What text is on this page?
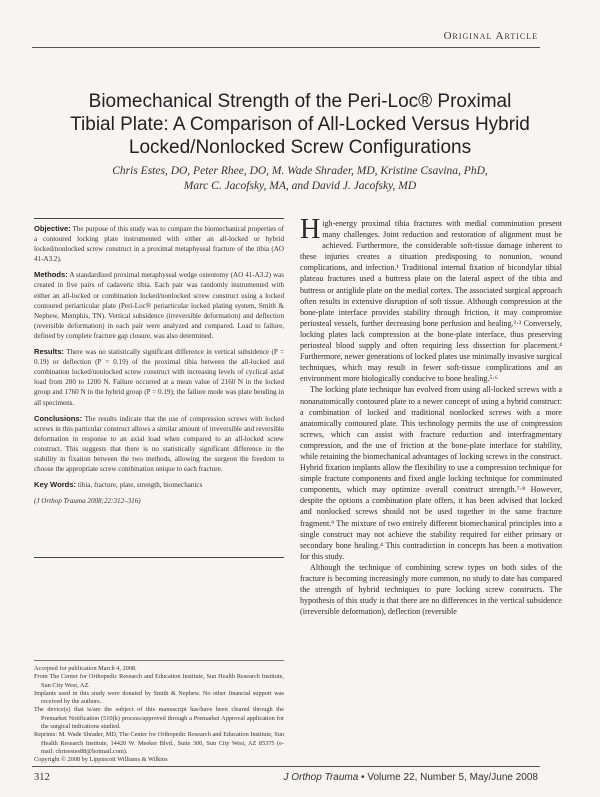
Original Article
Biomechanical Strength of the Peri-Loc® Proximal
Tibial Plate: A Comparison of All-Locked Versus Hybrid
Locked/Nonlocked Screw Configurations
Chris Estes, DO, Peter Rhee, DO, M. Wade Shrader, MD, Kristine Csavina, PhD,
Marc C. Jacofsky, MA, and David J. Jacofsky, MD

Objective: The purpose of this study was to compare the biomechanical properties of a contoured locking plate instrumented with either an all-locked or hybrid locked/nonlocked screw construct in a proximal metaphyseal fracture of the tibia (AO 41-A3.2).

Methods: A standardized proximal metaphyseal wedge osteotomy (AO 41-A3.2) was created in five pairs of cadaveric tibia. Each pair was randomly instrumented with either an all-locked or combination locked/nonlocked screw construct using a locked contoured periarticular plate (Peri-Loc® periarticular locked plating system, Smith & Nephew, Memphis, TN). Vertical subsidence (irreversible deformation) and deflection (reversible deformation) in each pair were analyzed and compared. Load to failure, defined by complete fracture gap closure, was also determined.

Results: There was no statistically significant difference in vertical subsidence (P = 0.19) or deflection (P = 0.19) of the proximal tibia between the all-locked and combination locked/nonlocked screw construct with increasing levels of cyclical axial load from 200 to 1200 N. Failure occurred at a mean value of 2160 N in the locked group and 1760 N in the hybrid group (P = 0.19); the failure mode was plate bending in all specimens.

Conclusions: The results indicate that the use of compression screws with locked screws in this particular construct allows a similar amount of irreversible and reversible deformation in response to an axial load when compared to an all-locked screw construct. This suggests that there is no statistically significant difference in the stability in fixation between the two methods, allowing the surgeon the freedom to choose the appropriate screw combination unique to each fracture.

Key Words: tibia, fracture, plate, strength, biomechanics

(J Orthop Trauma 2008;22:312–316)

Accepted for publication March 4, 2008.

From The Center for Orthopedic Research and Education Institute, Sun Health Research Institute, Sun City West, AZ.

Implants used in this study were donated by Smith & Nephew. No other financial support was received by the authors.

The device(s) that is/are the subject of this manuscript has/have been cleared through the Premarket Notification (510(k) process/approved through a Premarket Approval application for the surgical indications studied.

Reprints: M. Wade Shrader, MD, The Center for Orthopedic Research and Education Institute, Sun Health Research Institute, 14420 W. Meeker Blvd., Suite 300, Sun City West, AZ 85375 (e-mail: chrisestes88@hotmail.com).

Copyright © 2008 by Lippincott Williams & Wilkins

High-energy proximal tibia fractures with medial comminution present many challenges. Joint reduction and restoration of alignment must be achieved. Furthermore, the considerable soft-tissue damage inherent to these injuries creates a situation predisposing to nonunion, wound complications, and infection.¹ Traditional internal fixation of bicondylar tibial plateau fractures used a buttress plate on the lateral aspect of the tibia and buttress or antiglide plate on the medial cortex. The associated surgical approach often results in extensive disruption of soft tissue. Although compression at the bone-plate interface provides stability through friction, it may compromise periosteal vessels, further decreasing bone perfusion and healing.²·³ Conversely, locking plates lack compression at the bone-plate interface, thus preserving periosteal blood supply and often requiring less dissection for placement.⁴ Furthermore, newer generations of locked plates use minimally invasive surgical techniques, which may result in fewer soft-tissue complications and an environment more biologically conducive to bone healing.⁵·⁶

The locking plate technique has evolved from using all-locked screws with a nonanatomically contoured plate to a newer concept of using a hybrid construct: a combination of locked and traditional nonlocked screws with a more anatomically contoured plate. This technology permits the use of compression screws, which can assist with fracture reduction and interfragmentary compression, and the use of friction at the bone-plate interface for stability, while retaining the biomechanical advantages of locking screws in the construct. Hybrid fixation implants allow the flexibility to use a compression technique for simple fracture components and fixed angle locking technique for comminuted components, which may optimize overall construct strength.⁷·⁸ However, despite the options a combination plate offers, it has been advised that locked and nonlocked screws should not be used together in the same fracture fragment.⁹ The mixture of two entirely different biomechanical principles into a single construct may not achieve the stability required for either primary or secondary bone healing.⁴ This contradiction in concepts has been a motivation for this study.

Although the technique of combining screw types on both sides of the fracture is becoming increasingly more common, no study to date has compared the strength of hybrid techniques to pure locking screw constructs. The hypothesis of this study is that there are no differences in the vertical subsidence (irreversible deformation), deflection (reversible

312	J Orthop Trauma • Volume 22, Number 5, May/June 2008
